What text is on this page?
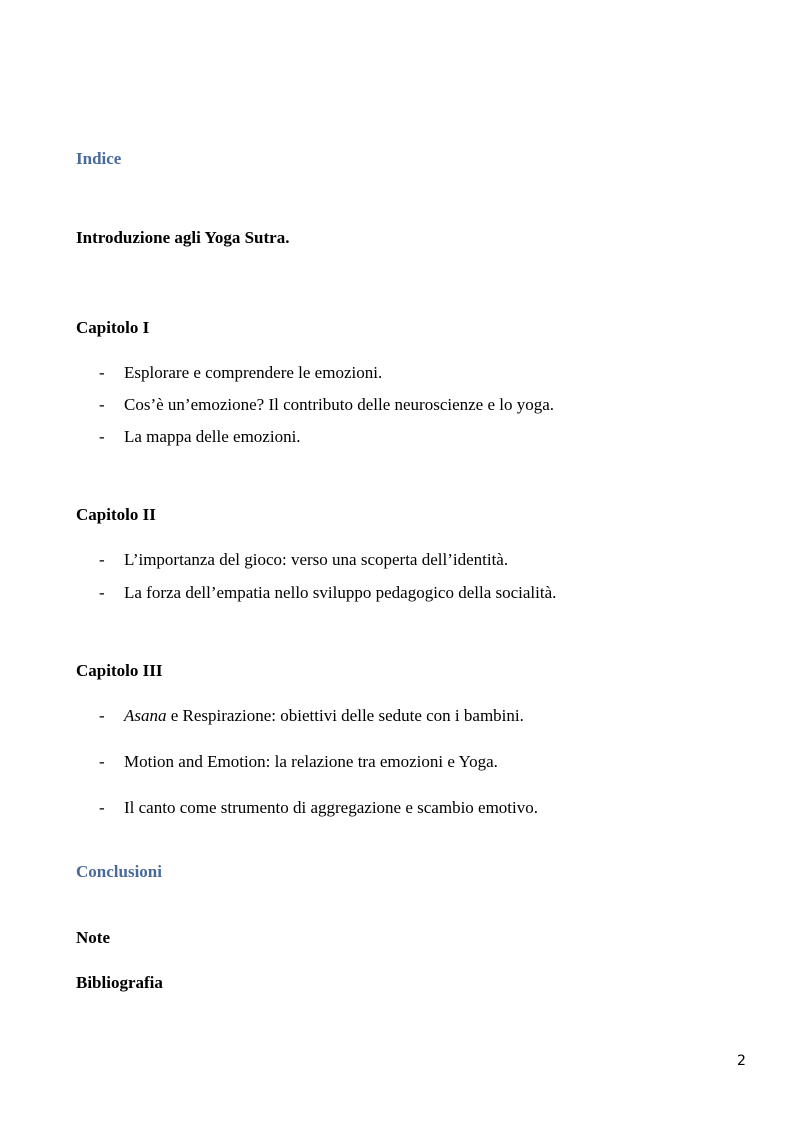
Indice
Introduzione agli Yoga Sutra.
Capitolo I
- Esplorare e comprendere le emozioni.
- Cos’è un’emozione? Il contributo delle neuroscienze e lo yoga.
- La mappa delle emozioni.
Capitolo II
- L’importanza del gioco: verso una scoperta dell’identità.
- La forza dell’empatia nello sviluppo pedagogico della socialità.
Capitolo III
- Asana e Respirazione: obiettivi delle sedute con i bambini.
- Motion and Emotion: la relazione tra emozioni e Yoga.
- Il canto come strumento di aggregazione e scambio emotivo.
Conclusioni
Note
Bibliografia
2
